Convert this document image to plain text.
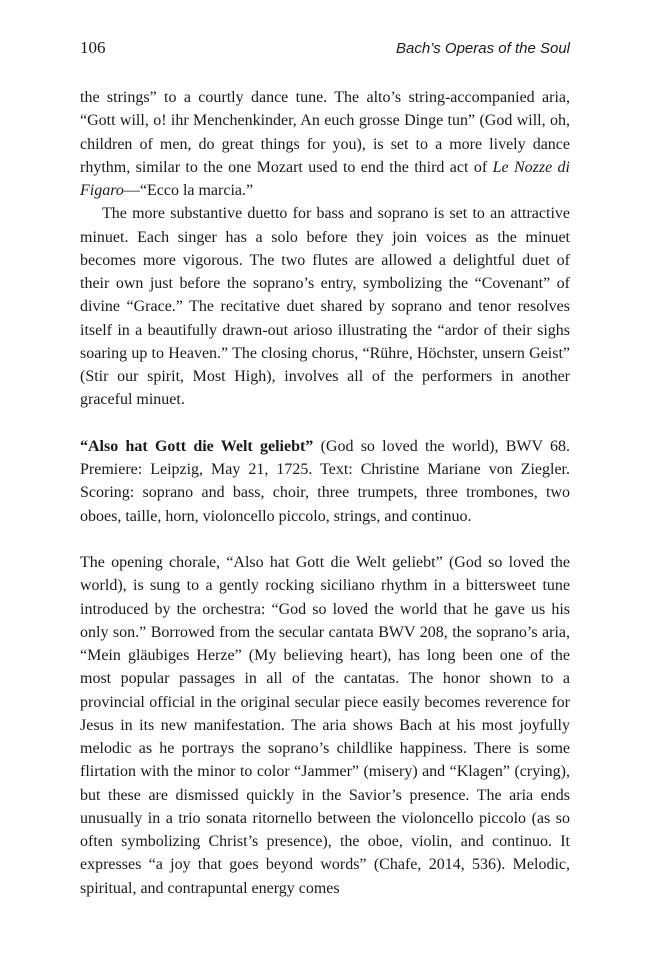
106	Bach’s Operas of the Soul

the strings” to a courtly dance tune. The alto’s string-accompanied aria, “Gott will, o! ihr Menchenkinder, An euch grosse Dinge tun” (God will, oh, children of men, do great things for you), is set to a more lively dance rhythm, similar to the one Mozart used to end the third act of Le Nozze di Figaro—“Ecco la marcia.”

The more substantive duetto for bass and soprano is set to an attractive minuet. Each singer has a solo before they join voices as the minuet becomes more vigorous. The two flutes are allowed a delightful duet of their own just before the soprano’s entry, symbolizing the “Covenant” of divine “Grace.” The recitative duet shared by soprano and tenor resolves itself in a beautifully drawn-out arioso illustrating the “ardor of their sighs soaring up to Heaven.” The closing chorus, “Rühre, Höchster, unsern Geist” (Stir our spirit, Most High), involves all of the performers in another graceful minuet.

“Also hat Gott die Welt geliebt” (God so loved the world), BWV 68. Premiere: Leipzig, May 21, 1725. Text: Christine Mariane von Ziegler. Scoring: soprano and bass, choir, three trumpets, three trombones, two oboes, taille, horn, violoncello piccolo, strings, and continuo.

The opening chorale, “Also hat Gott die Welt geliebt” (God so loved the world), is sung to a gently rocking siciliano rhythm in a bittersweet tune introduced by the orchestra: “God so loved the world that he gave us his only son.” Borrowed from the secular cantata BWV 208, the soprano’s aria, “Mein gläubiges Herze” (My believing heart), has long been one of the most popular passages in all of the cantatas. The honor shown to a provincial official in the original secular piece easily becomes reverence for Jesus in its new manifestation. The aria shows Bach at his most joyfully melodic as he portrays the soprano’s childlike happiness. There is some flirtation with the minor to color “Jammer” (misery) and “Klagen” (crying), but these are dismissed quickly in the Savior’s presence. The aria ends unusually in a trio sonata ritornello between the violoncello piccolo (as so often symbolizing Christ’s presence), the oboe, violin, and continuo. It expresses “a joy that goes beyond words” (Chafe, 2014, 536). Melodic, spiritual, and contrapuntal energy comes
